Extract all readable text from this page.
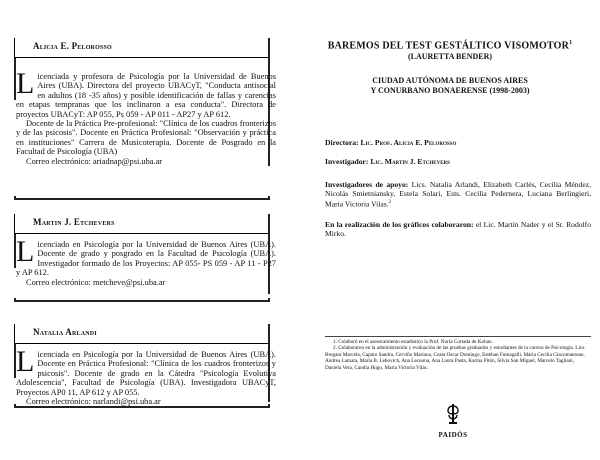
Alicia E. Pelorosso

Licenciada y profesora de Psicología por la Universidad de Buenos Aires (UBA). Directora del proyecto UBACyT, "Conducta antisocial en adultos (18 -35 años) y posible identificación de fallas y carencias en etapas tempranas que los inclinaron a esa conducta". Directora de proyectos UBACyT: AP 055, Ps 059 - AP 011 - AP27 y AP 612.

Docente de la Práctica Pre-profesional: "Clínica de los cuadros fronterizos y de las psicosis". Docente en Práctica Profesional: "Observación y práctica en instituciones" Carrera de Musicoterapia. Docente de Posgrado en la Facultad de Psicología (UBA)

Correo electrónico: ariadnap@psi.uba.ar

Martin J. Etchevers

Licenciado en Psicología por la Universidad de Buenos Aires (UBA). Docente de grado y posgrado en la Facultad de Psicología (UBA). Investigador formado de los Proyectos: AP 055- PS 059 - AP 11 - P27 y AP 612.

Correo electrónico: metcheve@psi.uba.ar

Natalia Arlandi

Licenciada en Psicología por la Universidad de Buenos Aires (UBA). Docente en Práctica Profesional: "Clínica de los cuadros fronterizos y psicosis". Docente de grado en la Cátedra "Psicología Evolutiva Adolescencia", Facultad de Psicología (UBA). Investigadora UBACyT, Proyectos AP0 11, AP 612 y AP 055.

Correo electrónico: narlandi@psi.uba.ar

BAREMOS DEL TEST GESTÁLTICO VISOMOTOR$^1$
(LAURETTA BENDER)
CIUDAD AUTÓNOMA DE BUENOS AIRES
Y CONURBANO BONAERENSE (1998-2003)
Directora: Lic. Prof. Alicia E. Pelorosso
Investigador: Lic. Martin J. Etchevers
Investigadores de apoyo: Lics. Natalia Arlandi, Elizabeth Carlés, Cecilia Méndez, Nicolás Smietniansky, Estela Solari, Ests. Cecilia Pedernera, Luciana Berlingieri, María Victoria Vilas.$^2$
En la realización de los gráficos colaboraron: el Lic. Martín Nader y el Sr. Rodolfo Mirko.

1. Colaboró en el asesoramiento estadístico la Prof. Nuria Cortada de Kohan.

2. Colaboraron en la administración y evaluación de las pruebas graduados y estudiantes de la carrera de Psicología. Lics. Bregant Marcela, Caputo Sandra, Cerviño Mariana, Costa Oscar Domingo, Esteban Fumagalli, María Cecilia Giacomantone, Andrea Lamata, María B. Lebovich, Ana Lecuona, Ana Laura Pasta, Karina Pitón, Silvia San Miguel, Marcelo Tagliani, Daniela Vera, Candia Hugo, María Victoria Vilas.

PAIDÓS
